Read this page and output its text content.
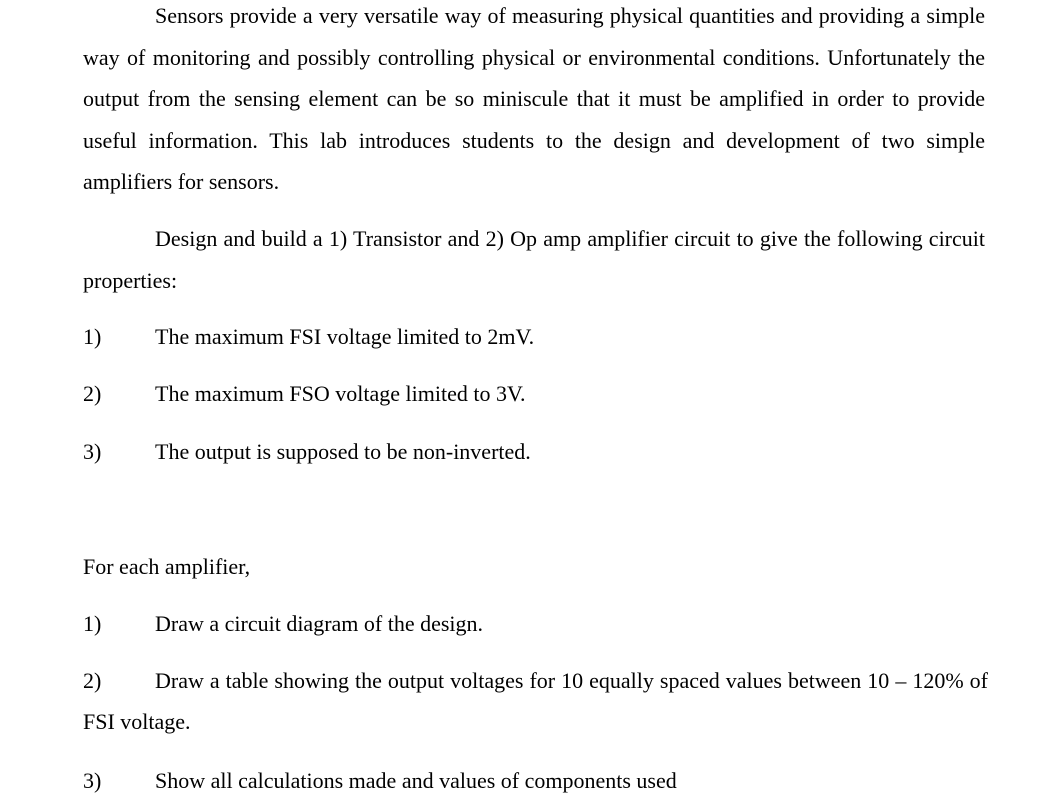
Sensors provide a very versatile way of measuring physical quantities and providing a simple way of monitoring and possibly controlling physical or environmental conditions. Unfortunately the output from the sensing element can be so miniscule that it must be amplified in order to provide useful information. This lab introduces students to the design and development of two simple amplifiers for sensors.

Design and build a 1) Transistor and 2) Op amp amplifier circuit to give the following circuit properties:

1) The maximum FSI voltage limited to 2mV.

2) The maximum FSO voltage limited to 3V.

3) The output is supposed to be non-inverted.

For each amplifier,

1) Draw a circuit diagram of the design.

2) Draw a table showing the output voltages for 10 equally spaced values between 10 – 120% of FSI voltage.

3) Show all calculations made and values of components used
